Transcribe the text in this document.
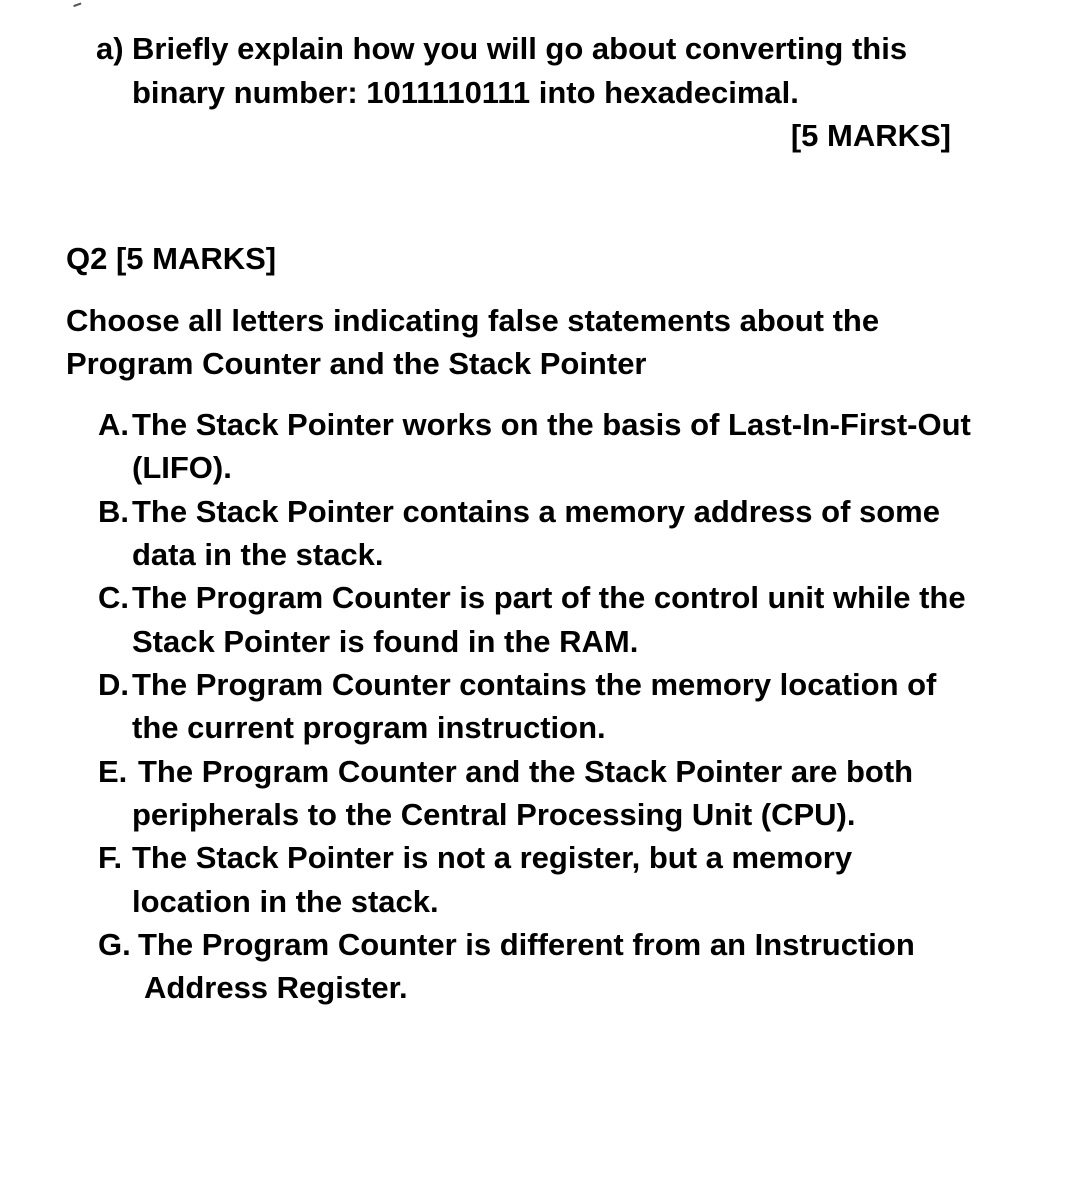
a) Briefly explain how you will go about converting this
binary number: 1011110111 into hexadecimal.
[5 MARKS]
Q2 [5 MARKS]
Choose all letters indicating false statements about the
Program Counter and the Stack Pointer
A. The Stack Pointer works on the basis of Last-In-First-Out
(LIFO).
B. The Stack Pointer contains a memory address of some
data in the stack.
C. The Program Counter is part of the control unit while the
Stack Pointer is found in the RAM.
D. The Program Counter contains the memory location of
the current program instruction.
E. The Program Counter and the Stack Pointer are both
peripherals to the Central Processing Unit (CPU).
F. The Stack Pointer is not a register, but a memory
location in the stack.
G. The Program Counter is different from an Instruction
Address Register.
